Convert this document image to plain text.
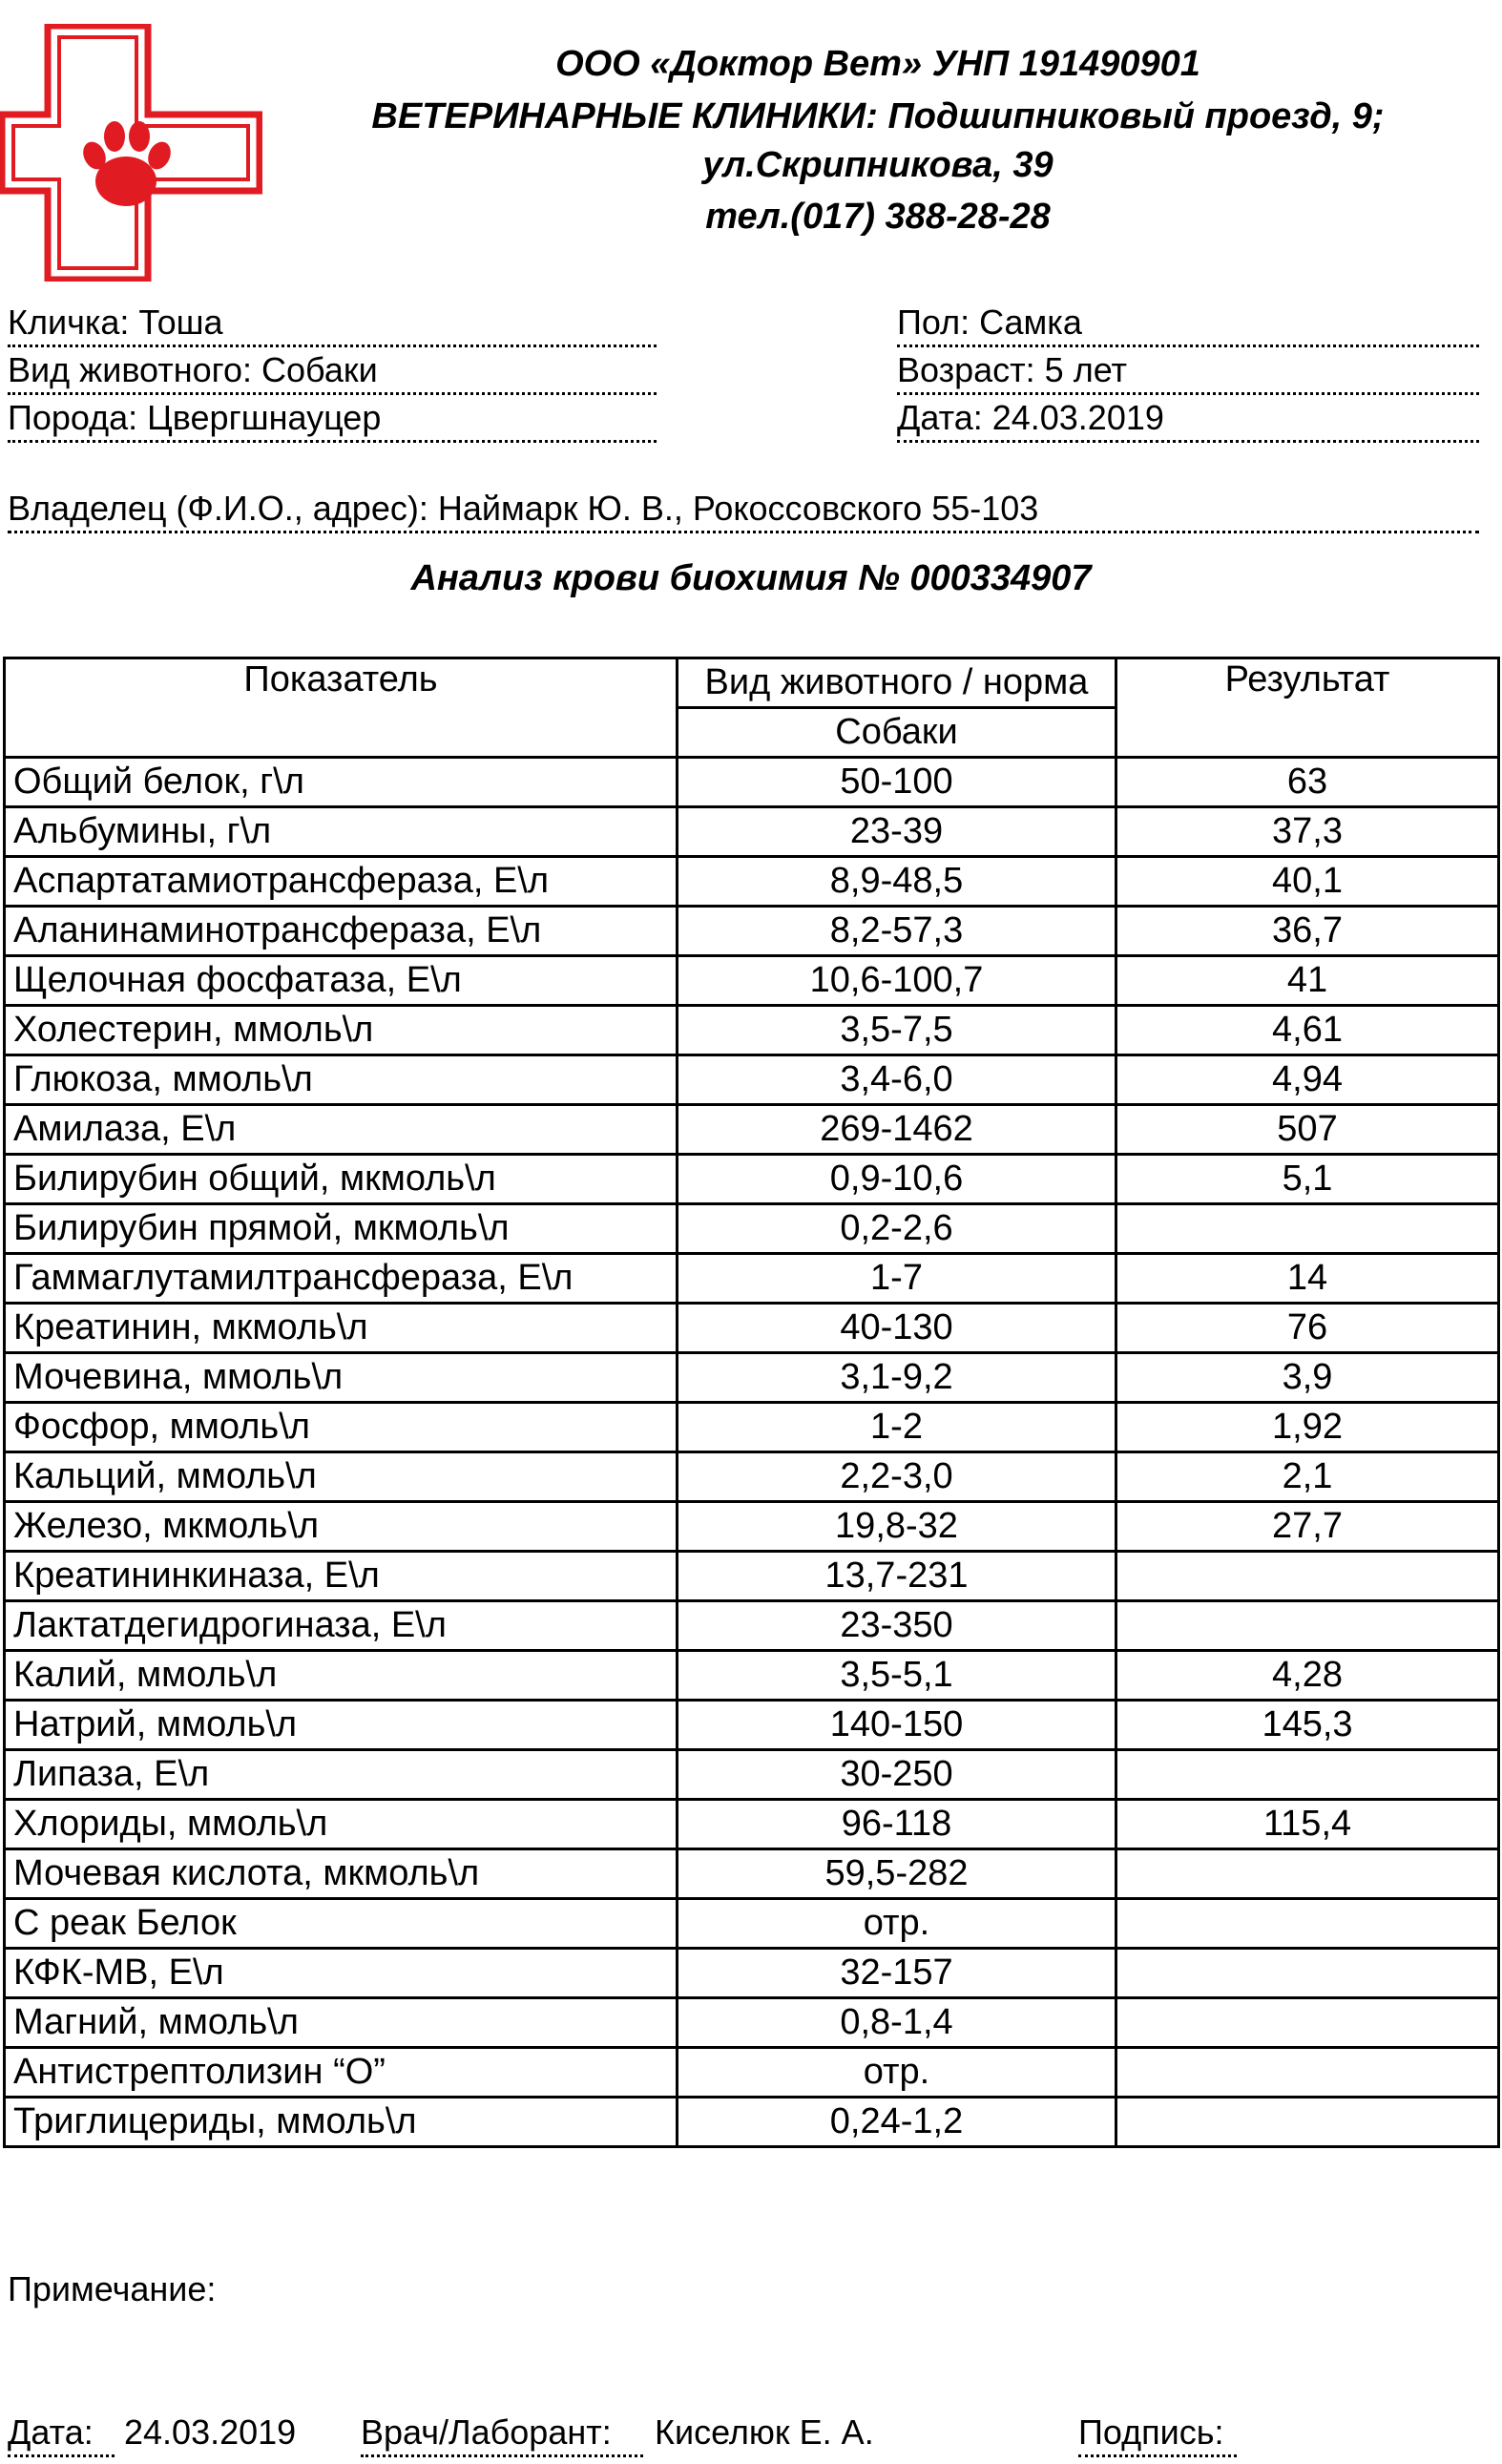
ООО «Доктор Вет» УНП 191490901
ВЕТЕРИНАРНЫЕ КЛИНИКИ: Подшипниковый проезд, 9;
ул.Скрипникова, 39
тел.(017) 388-28-28
Кличка: Тоша
Вид животного: Собаки
Порода: Цвергшнауцер
Пол: Самка
Возраст: 5 лет
Дата: 24.03.2019
Владелец (Ф.И.О., адрес): Наймарк Ю. В., Рокоссовского 55-103
Анализ крови биохимия № 000334907
Показатель	Вид животного / норма	Результат
	Собаки	
Общий белок, г\л	50-100	63
Альбумины, г\л	23-39	37,3
Аспартатамиотрансфераза, Е\л	8,9-48,5	40,1
Аланинаминотрансфераза, Е\л	8,2-57,3	36,7
Щелочная фосфатаза, Е\л	10,6-100,7	41
Холестерин, ммоль\л	3,5-7,5	4,61
Глюкоза, ммоль\л	3,4-6,0	4,94
Амилаза, Е\л	269-1462	507
Билирубин общий, мкмоль\л	0,9-10,6	5,1
Билирубин прямой, мкмоль\л	0,2-2,6	
Гаммаглутамилтрансфераза, Е\л	1-7	14
Креатинин, мкмоль\л	40-130	76
Мочевина, ммоль\л	3,1-9,2	3,9
Фосфор, ммоль\л	1-2	1,92
Кальций, ммоль\л	2,2-3,0	2,1
Железо, мкмоль\л	19,8-32	27,7
Креатининкиназа, Е\л	13,7-231	
Лактатдегидрогиназа, Е\л	23-350	
Калий, ммоль\л	3,5-5,1	4,28
Натрий, ммоль\л	140-150	145,3
Липаза, Е\л	30-250	
Хлориды, ммоль\л	96-118	115,4
Мочевая кислота, мкмоль\л	59,5-282	
С реак Белок	отр.	
КФК-МВ, Е\л	32-157	
Магний, ммоль\л	0,8-1,4	
Антистрептолизин “О”	отр.	
Триглицериды, ммоль\л	0,24-1,2	
Примечание:
Дата: 24.03.2019 Врач/Лаборант: Киселюк Е. А.	Подпись:
